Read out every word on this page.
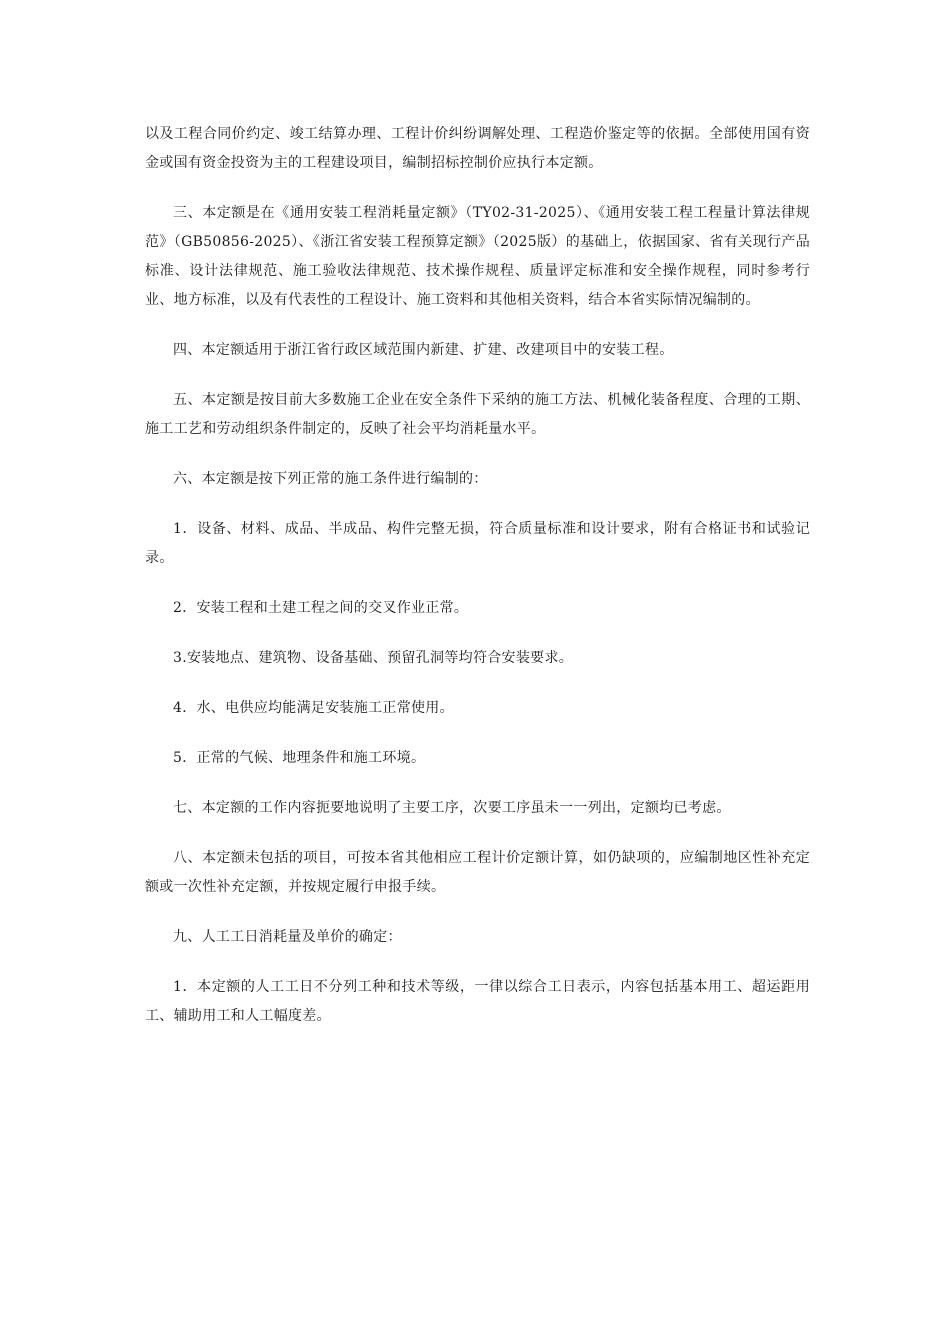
以及工程合同价约定、竣工结算办理、工程计价纠纷调解处理、工程造价鉴定等的依据。全部使用国有资金或国有资金投资为主的工程建设项目，编制招标控制价应执行本定额。

三、本定额是在《通用安装工程消耗量定额》（TY02-31-2025）、《通用安装工程工程量计算法律规范》（GB50856-2025）、《浙江省安装工程预算定额》（2025版）的基础上，依据国家、省有关现行产品标准、设计法律规范、施工验收法律规范、技术操作规程、质量评定标准和安全操作规程，同时参考行业、地方标准，以及有代表性的工程设计、施工资料和其他相关资料，结合本省实际情况编制的。

四、本定额适用于浙江省行政区域范围内新建、扩建、改建项目中的安装工程。

五、本定额是按目前大多数施工企业在安全条件下采纳的施工方法、机械化装备程度、合理的工期、施工工艺和劳动组织条件制定的，反映了社会平均消耗量水平。

六、本定额是按下列正常的施工条件进行编制的：

1．设备、材料、成品、半成品、构件完整无损，符合质量标准和设计要求，附有合格证书和试验记录。

2．安装工程和土建工程之间的交叉作业正常。

3.安装地点、建筑物、设备基础、预留孔洞等均符合安装要求。

4．水、电供应均能满足安装施工正常使用。

5．正常的气候、地理条件和施工环境。

七、本定额的工作内容扼要地说明了主要工序，次要工序虽未一一列出，定额均已考虑。

八、本定额未包括的项目，可按本省其他相应工程计价定额计算，如仍缺项的，应编制地区性补充定额或一次性补充定额，并按规定履行申报手续。

九、人工工日消耗量及单价的确定：

1．本定额的人工工日不分列工种和技术等级，一律以综合工日表示，内容包括基本用工、超运距用工、辅助用工和人工幅度差。
